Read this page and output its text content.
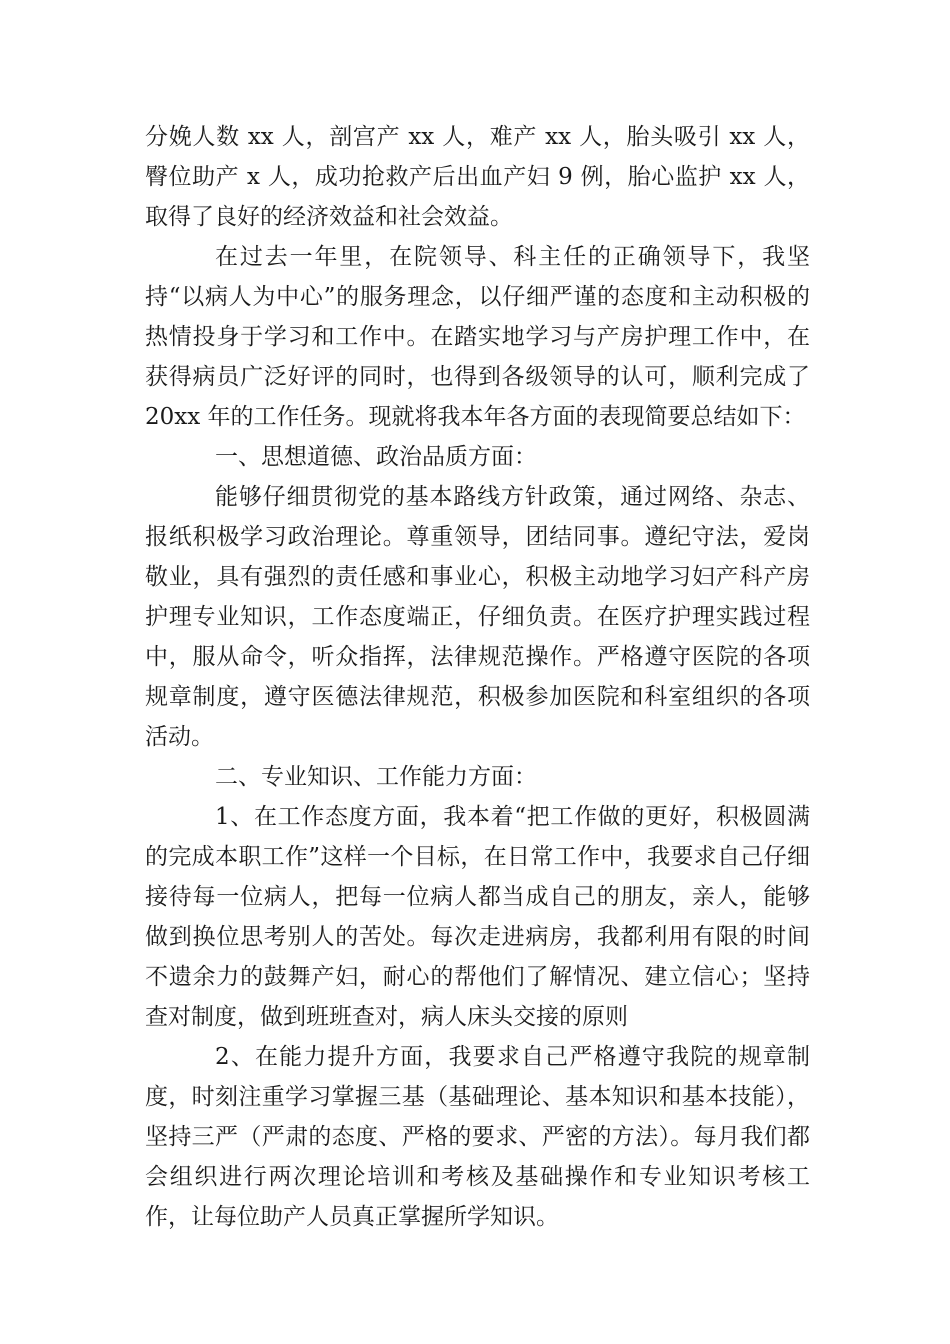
分娩人数 xx 人，剖宫产 xx 人，难产 xx 人，胎头吸引 xx 人，臀位助产 x 人，成功抢救产后出血产妇 9 例，胎心监护 xx 人，取得了良好的经济效益和社会效益。

在过去一年里，在院领导、科主任的正确领导下，我坚持“以病人为中心”的服务理念，以仔细严谨的态度和主动积极的热情投身于学习和工作中。在踏实地学习与产房护理工作中，在获得病员广泛好评的同时，也得到各级领导的认可，顺利完成了 20xx 年的工作任务。现就将我本年各方面的表现简要总结如下：

一、思想道德、政治品质方面：

能够仔细贯彻党的基本路线方针政策，通过网络、杂志、报纸积极学习政治理论。尊重领导，团结同事。遵纪守法，爱岗敬业，具有强烈的责任感和事业心，积极主动地学习妇产科产房护理专业知识，工作态度端正，仔细负责。在医疗护理实践过程中，服从命令，听众指挥，法律规范操作。严格遵守医院的各项规章制度，遵守医德法律规范，积极参加医院和科室组织的各项活动。

二、专业知识、工作能力方面：

1、在工作态度方面，我本着“把工作做的更好，积极圆满的完成本职工作”这样一个目标，在日常工作中，我要求自己仔细接待每一位病人，把每一位病人都当成自己的朋友，亲人，能够做到换位思考别人的苦处。每次走进病房，我都利用有限的时间不遗余力的鼓舞产妇，耐心的帮他们了解情况、建立信心；坚持查对制度，做到班班查对，病人床头交接的原则

2、在能力提升方面，我要求自己严格遵守我院的规章制度，时刻注重学习掌握三基（基础理论、基本知识和基本技能），坚持三严（严肃的态度、严格的要求、严密的方法）。每月我们都会组织进行两次理论培训和考核及基础操作和专业知识考核工作，让每位助产人员真正掌握所学知识。
